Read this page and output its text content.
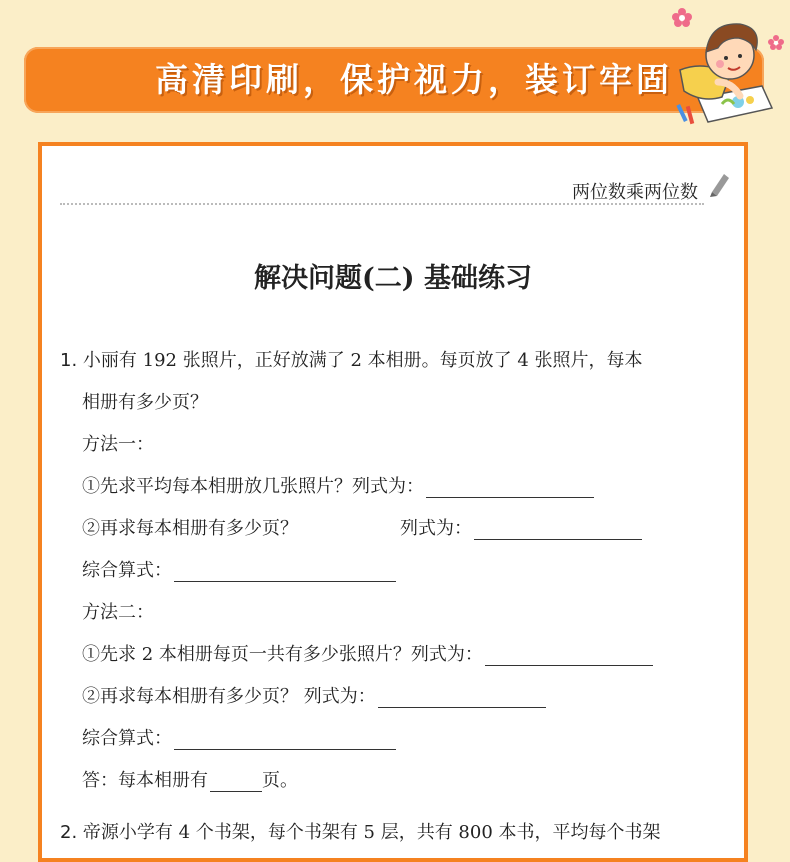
高清印刷，保护视力，装订牢固
两位数乘两位数
解决问题(二) 基础练习
1. 小丽有 192 张照片，正好放满了 2 本相册。每页放了 4 张照片，每本
相册有多少页？
方法一：
①先求平均每本相册放几张照片？列式为：
②再求每本相册有多少页？	列式为：
综合算式：
方法二：
①先求 2 本相册每页一共有多少张照片？列式为：
②再求每本相册有多少页？ 列式为：
综合算式：
答：每本相册有	页。
2. 帝源小学有 4 个书架，每个书架有 5 层，共有 800 本书，平均每个书架
